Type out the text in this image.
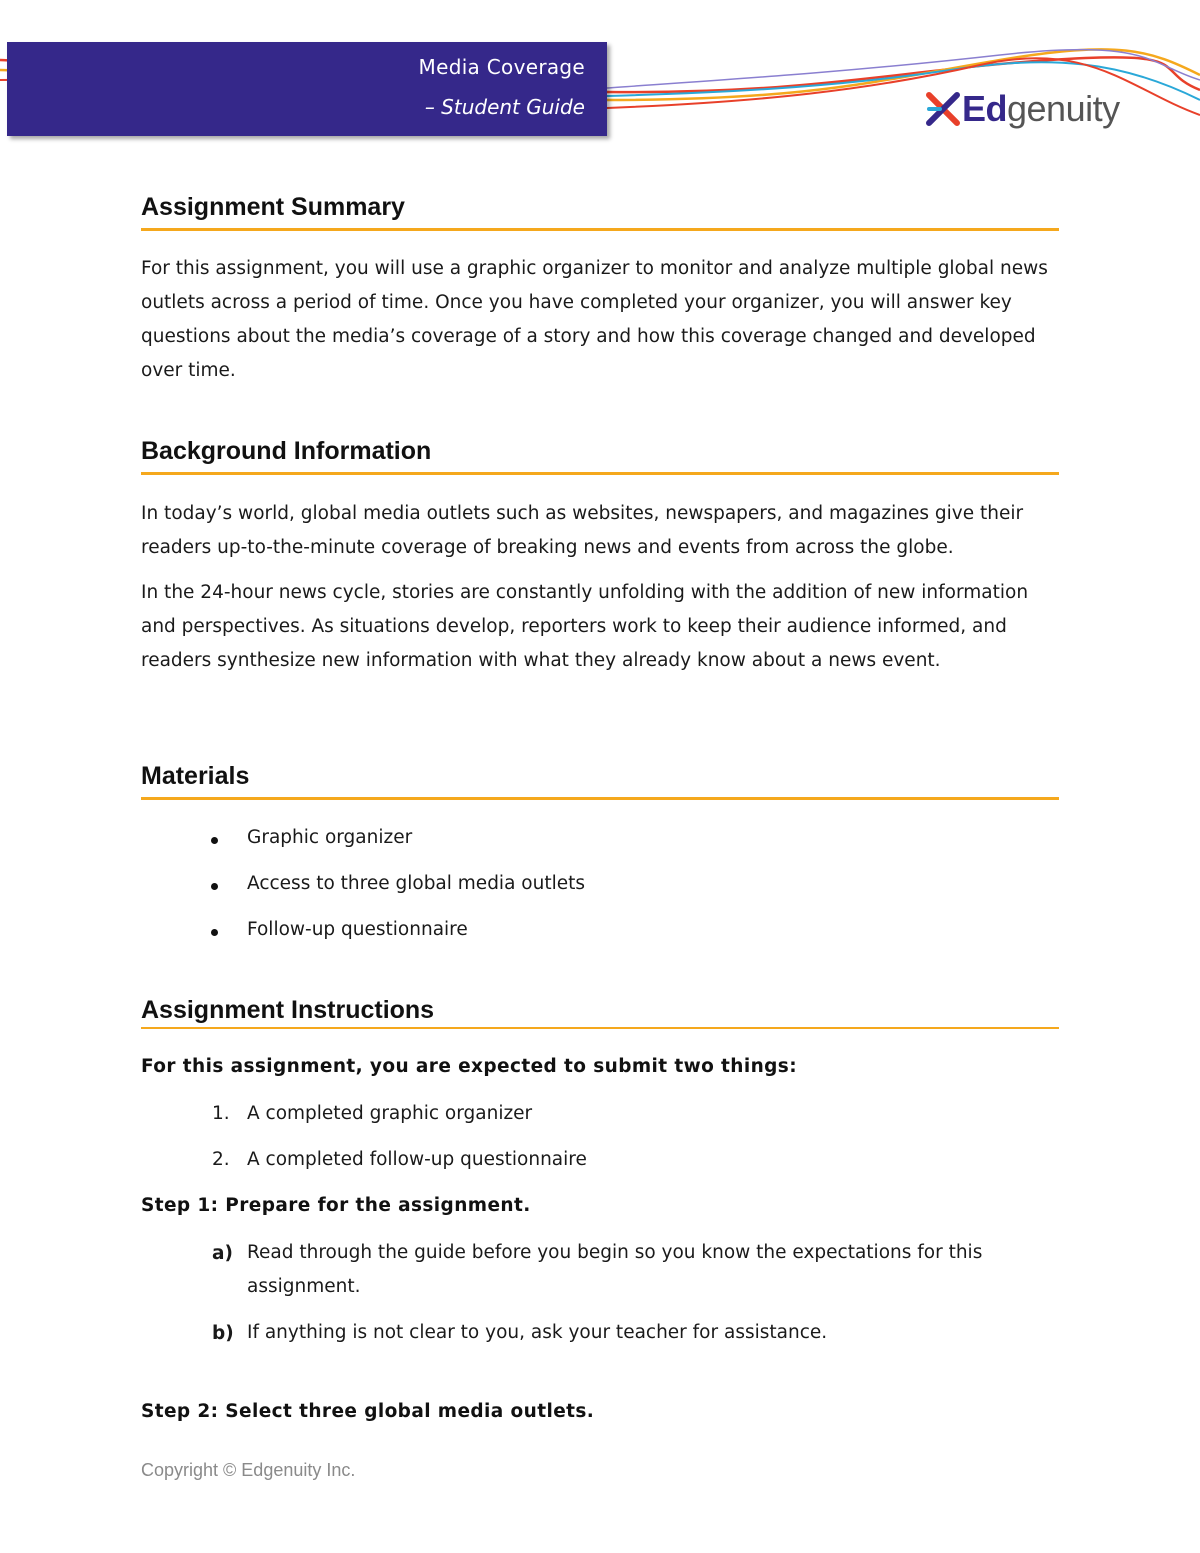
Media Coverage
– Student Guide	Edgenuity
Assignment Summary

For this assignment, you will use a graphic organizer to monitor and analyze multiple global news outlets across a period of time. Once you have completed your organizer, you will answer key questions about the media’s coverage of a story and how this coverage changed and developed over time.

Background Information

In today’s world, global media outlets such as websites, newspapers, and magazines give their readers up-to-the-minute coverage of breaking news and events from across the globe.

In the 24-hour news cycle, stories are constantly unfolding with the addition of new information and perspectives. As situations develop, reporters work to keep their audience informed, and readers synthesize new information with what they already know about a news event.

Materials
Graphic organizer
Access to three global media outlets
Follow-up questionnaire
Assignment Instructions

For this assignment, you are expected to submit two things:

1. A completed graphic organizer
2. A completed follow-up questionnaire

Step 1: Prepare for the assignment.

a) Read through the guide before you begin so you know the expectations for this assignment.
b) If anything is not clear to you, ask your teacher for assistance.

Step 2: Select three global media outlets.

Copyright © Edgenuity Inc.
